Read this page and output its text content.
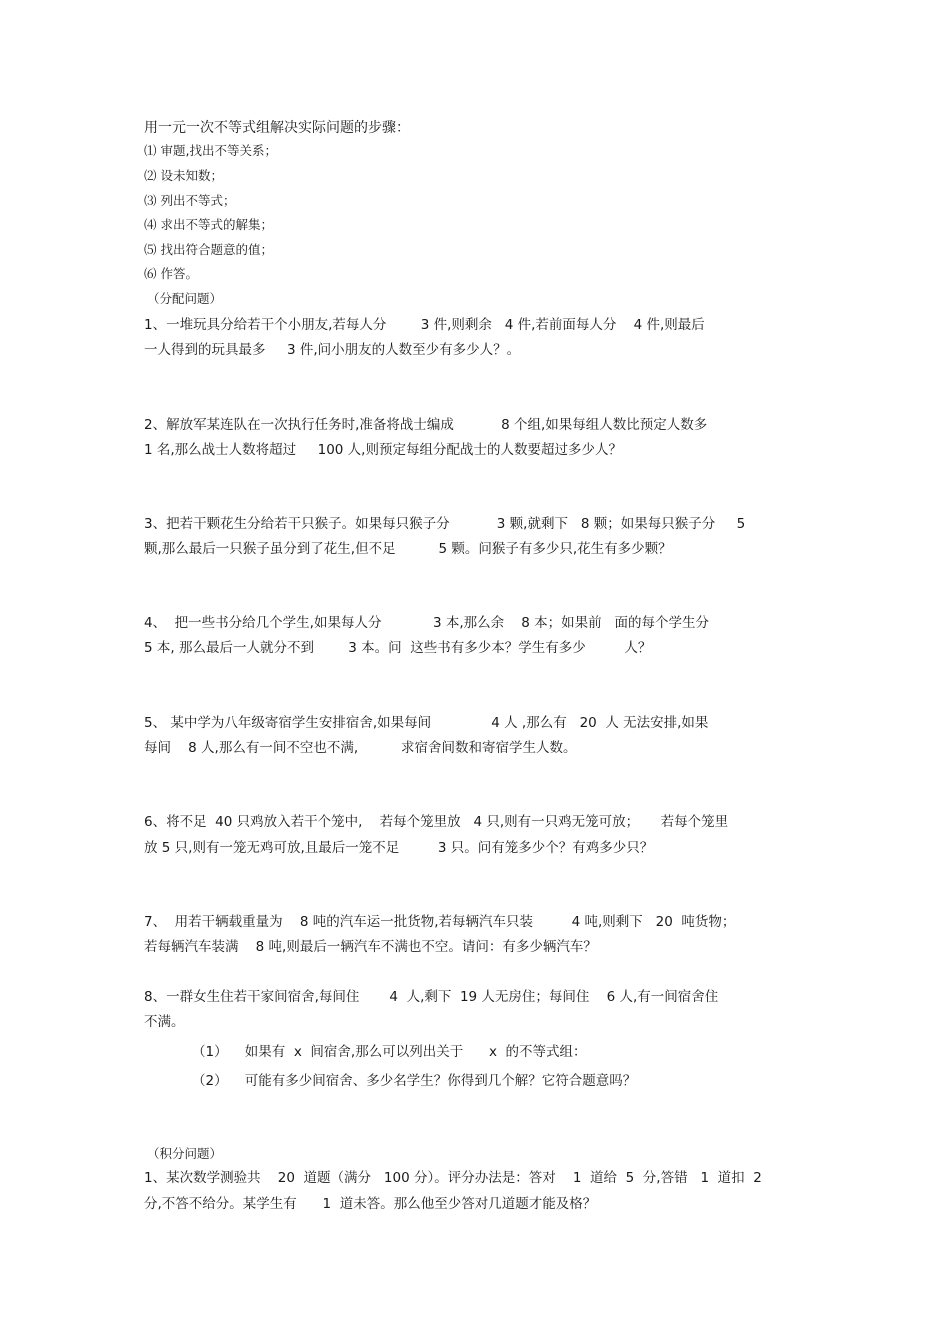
用一元一次不等式组解决实际问题的步骤：
⑴ 审题,找出不等关系；
⑵ 设未知数；
⑶ 列出不等式；
⑷ 求出不等式的解集；
⑸ 找出符合题意的值；
⑹ 作答。
（分配问题）
1、一堆玩具分给若干个小朋友,若每人分        3 件,则剩余   4 件,若前面每人分    4 件,则最后
一人得到的玩具最多     3 件,问小朋友的人数至少有多少人？。
2、解放军某连队在一次执行任务时,准备将战士编成           8 个组,如果每组人数比预定人数多
1 名,那么战士人数将超过     100 人,则预定每组分配战士的人数要超过多少人？
3、把若干颗花生分给若干只猴子。如果每只猴子分           3 颗,就剩下   8 颗；如果每只猴子分     5
颗,那么最后一只猴子虽分到了花生,但不足          5 颗。问猴子有多少只,花生有多少颗？
4、  把一些书分给几个学生,如果每人分            3 本,那么余    8 本；如果前   面的每个学生分
5 本, 那么最后一人就分不到        3 本。问  这些书有多少本？学生有多少         人？
5、 某中学为八年级寄宿学生安排宿舍,如果每间              4 人 ,那么有   20  人 无法安排,如果
每间    8 人,那么有一间不空也不满,          求宿舍间数和寄宿学生人数。
6、将不足  40 只鸡放入若干个笼中,    若每个笼里放   4 只,则有一只鸡无笼可放；     若每个笼里
放 5 只,则有一笼无鸡可放,且最后一笼不足         3 只。问有笼多少个？有鸡多少只？
7、  用若干辆载重量为    8 吨的汽车运一批货物,若每辆汽车只装         4 吨,则剩下   20  吨货物；
若每辆汽车装满    8 吨,则最后一辆汽车不满也不空。请问：有多少辆汽车？
8、一群女生住若干家间宿舍,每间住       4  人,剩下  19 人无房住；每间住    6 人,有一间宿舍住
不满。
（1）    如果有  x  间宿舍,那么可以列出关于      x  的不等式组：
（2）    可能有多少间宿舍、多少名学生？你得到几个解？它符合题意吗？
（积分问题）
1、某次数学测验共    20  道题（满分   100 分）。评分办法是：答对    1  道给  5  分,答错   1  道扣  2
分,不答不给分。某学生有      1  道未答。那么他至少答对几道题才能及格？
